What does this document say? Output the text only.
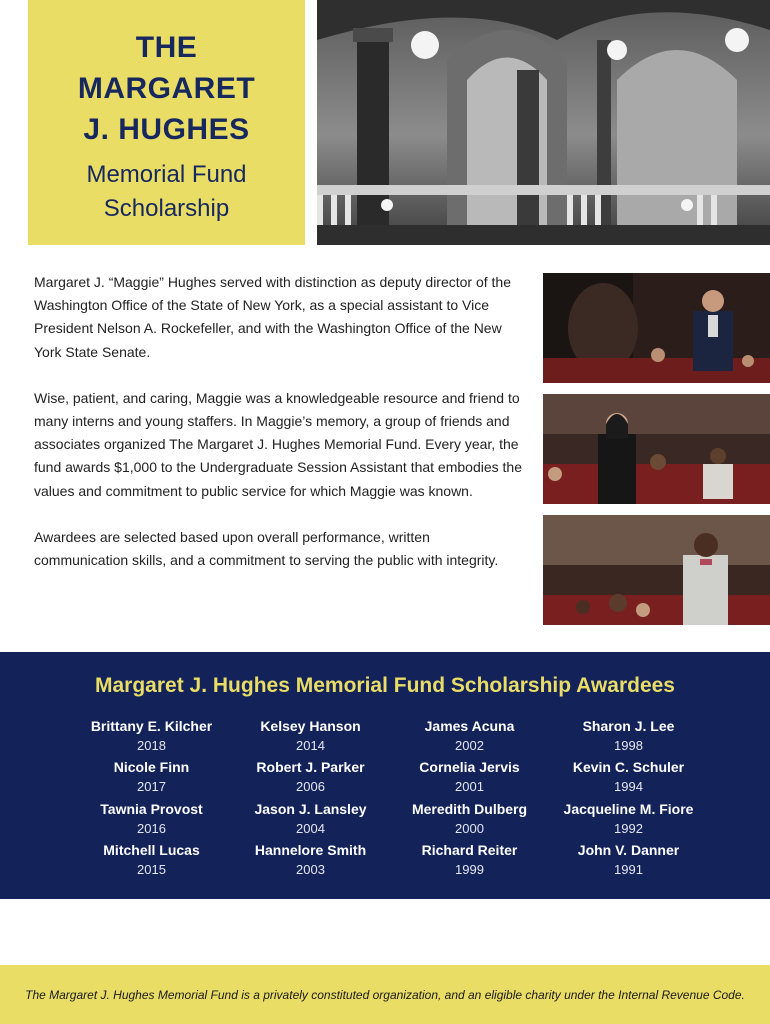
THE
MARGARET
J. HUGHES

Memorial Fund
Scholarship

Margaret J. “Maggie” Hughes served with distinction as deputy director of the Washington Office of the State of New York, as a special assistant to Vice President Nelson A. Rockefeller, and with the Washington Office of the New York State Senate.

Wise, patient, and caring, Maggie was a knowledgeable resource and friend to many interns and young staffers. In Maggie’s memory, a group of friends and associates organized The Margaret J. Hughes Memorial Fund. Every year, the fund awards $1,000 to the Undergraduate Session Assistant that embodies the values and commitment to public service for which Maggie was known.

Awardees are selected based upon overall performance, written communication skills, and a commitment to serving the public with integrity.

Margaret J. Hughes Memorial Fund Scholarship Awardees
Brittany E. Kilcher
2018
Kelsey Hanson
2014
James Acuna
2002
Sharon J. Lee
1998
Nicole Finn
2017
Robert J. Parker
2006
Cornelia Jervis
2001
Kevin C. Schuler
1994
Tawnia Provost
2016
Jason J. Lansley
2004
Meredith Dulberg
2000
Jacqueline M. Fiore
1992
Mitchell Lucas
2015
Hannelore Smith
2003
Richard Reiter
1999
John V. Danner
1991
The Margaret J. Hughes Memorial Fund is a privately constituted organization, and an eligible charity under the Internal Revenue Code.
